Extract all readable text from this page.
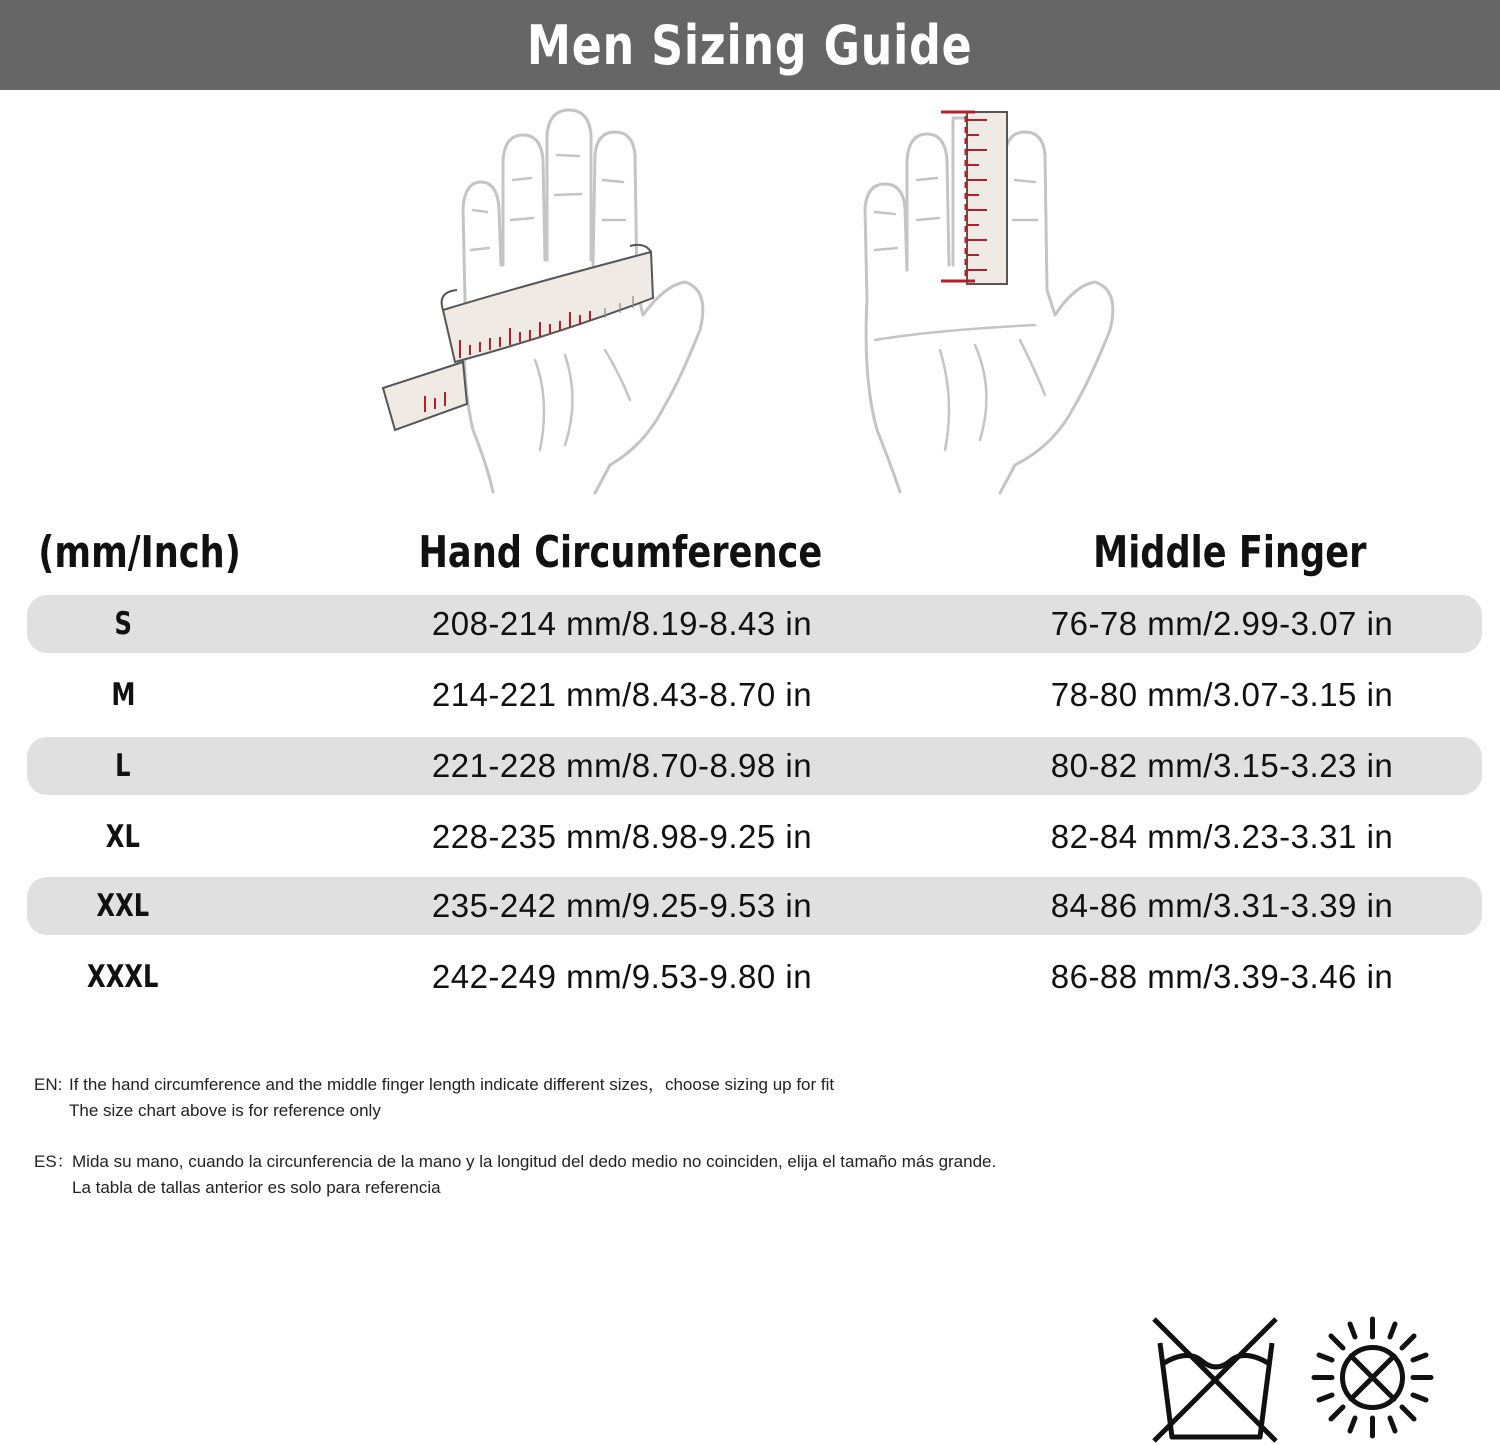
Men Sizing Guide
(mm/Inch)	Hand Circumference	Middle Finger
S	208-214 mm/8.19-8.43 in	76-78 mm/2.99-3.07 in
M	214-221 mm/8.43-8.70 in	78-80 mm/3.07-3.15 in
L	221-228 mm/8.70-8.98 in	80-82 mm/3.15-3.23 in
XL	228-235 mm/8.98-9.25 in	82-84 mm/3.23-3.31 in
XXL	235-242 mm/9.25-9.53 in	84-86 mm/3.31-3.39 in
XXXL	242-249 mm/9.53-9.80 in	86-88 mm/3.39-3.46 in
EN: If the hand circumference and the middle finger length indicate different sizes，choose sizing up for fit
The size chart above is for reference only
ES：Mida su mano, cuando la circunferencia de la mano y la longitud del dedo medio no coinciden, elija el tamaño más grande.
La tabla de tallas anterior es solo para referencia
